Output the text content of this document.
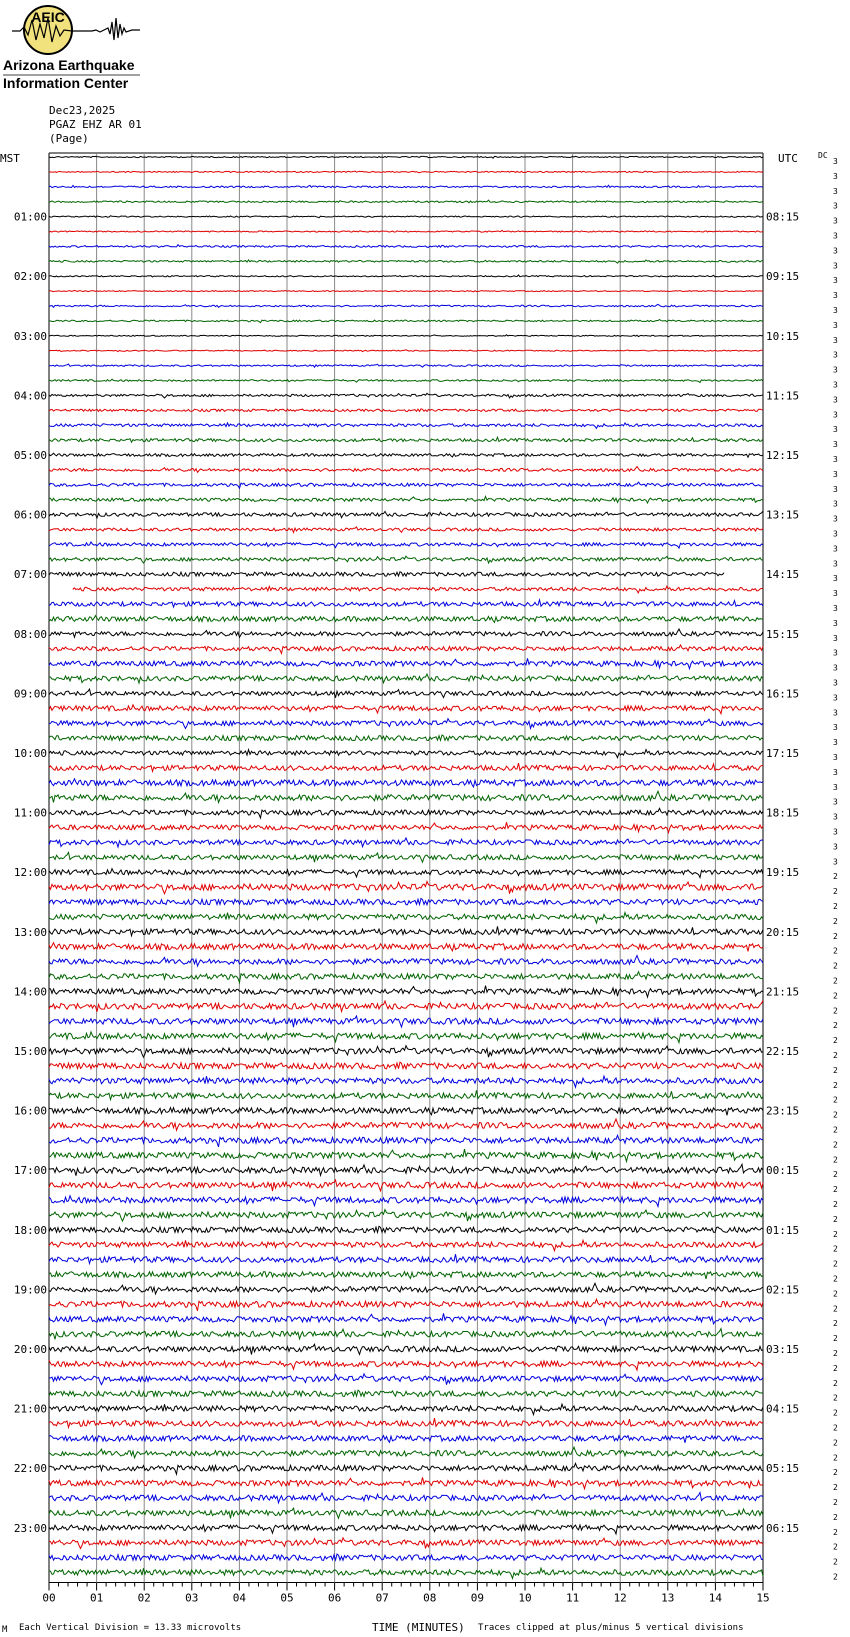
AEIC
Arizona Earthquake
Information Center
Dec23,2025
PGAZ EHZ AR 01
(Page)
00	01	02	03	04	05	06	07	08	09	10	11	12	13	14	15
MST	UTC	DC
01:00
02:00
03:00
04:00
05:00
06:00
07:00
08:00
09:00
10:00
11:00
12:00
13:00
14:00
15:00
16:00
17:00
18:00
19:00
20:00
21:00
22:00
23:00
08:15
09:15
10:15
11:15
12:15
13:15
14:15
15:15
16:15
17:15
18:15
19:15
20:15
21:15
22:15
23:15
00:15
01:15
02:15
03:15
04:15
05:15
06:15
3
3
3
3
3
3
3
3
3
3
3
3
3
3
3
3
3
3
3
3
3
3
3
3
3
3
3
3
3
3
3
3
3
3
3
3
3
3
3
3
3
3
3
3
3
3
3
3
2
2
2
2
2
2
2
2
2
2
2
2
2
2
2
2
2
2
2
2
2
2
2
2
2
2
2
2
2
2
2
2
2
2
2
2
2
2
2
2
2
2
2
2
2
2
2
2
M Each Vertical Division = 13.33 microvolts	TIME (MINUTES) Traces clipped at plus/minus 5 vertical divisions
